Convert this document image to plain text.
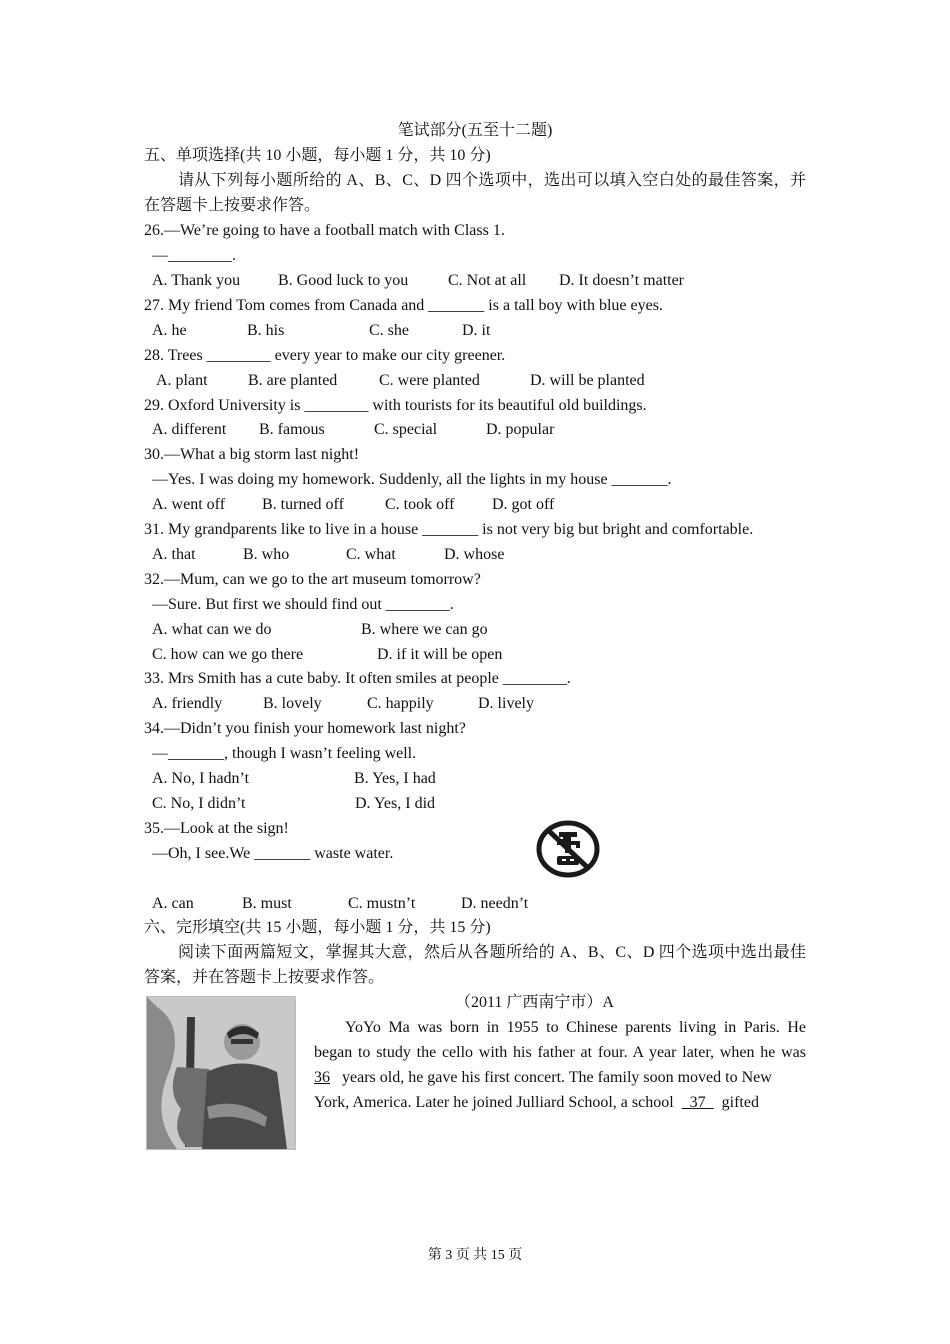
笔试部分(五至十二题)
五、单项选择(共 10 小题，每小题 1 分，共 10 分)
请从下列每小题所给的 A、B、C、D 四个选项中，选出可以填入空白处的最佳答案，并
在答题卡上按要求作答。
26.—We’re going to have a football match with Class 1.
—________.
A. Thank you B. Good luck to you C. Not at all D. It doesn’t matter
27. My friend Tom comes from Canada and _______ is a tall boy with blue eyes.
A. he	B. his	C. she	D. it
28. Trees ________ every year to make our city greener.
A. plant	B. are planted	C. were planted	D. will be planted
29. Oxford University is ________ with tourists for its beautiful old buildings.
A. different B. famous	C. special	D. popular
30.—What a big storm last night!
—Yes. I was doing my homework. Suddenly, all the lights in my house _______.
A. went off B. turned off	C. took off D. got off
31. My grandparents like to live in a house _______ is not very big but bright and comfortable.
A. that	B. who	C. what	D. whose
32.—Mum, can we go to the art museum tomorrow?
—Sure. But first we should find out ________.
A. what can we do	B. where we can go
C. how can we go there	D. if it will be open
33. Mrs Smith has a cute baby. It often smiles at people ________.
A. friendly	B. lovely	C. happily	D. lively
34.—Didn’t you finish your homework last night?
—_______, though I wasn’t feeling well.
A. No, I hadn’t	B. Yes, I had
C. No, I didn’t	D. Yes, I did
35.—Look at the sign!
—Oh, I see.We _______ waste water.
A. can	B. must	C. mustn’t	D. needn’t
六、完形填空(共 15 小题，每小题 1 分，共 15 分)
阅读下面两篇短文，掌握其大意，然后从各题所给的 A、B、C、D 四个选项中选出最佳
答案，并在答题卡上按要求作答。
（2011 广西南宁市）A
YoYo Ma was born in 1955 to Chinese parents living in Paris. He
began to study the cello with his father at four. A year later, when he was
36 years old, he gave his first concert. The family soon moved to New
York, America. Later he joined Julliard School, a school 37 gifted
第 3 页 共 15 页
